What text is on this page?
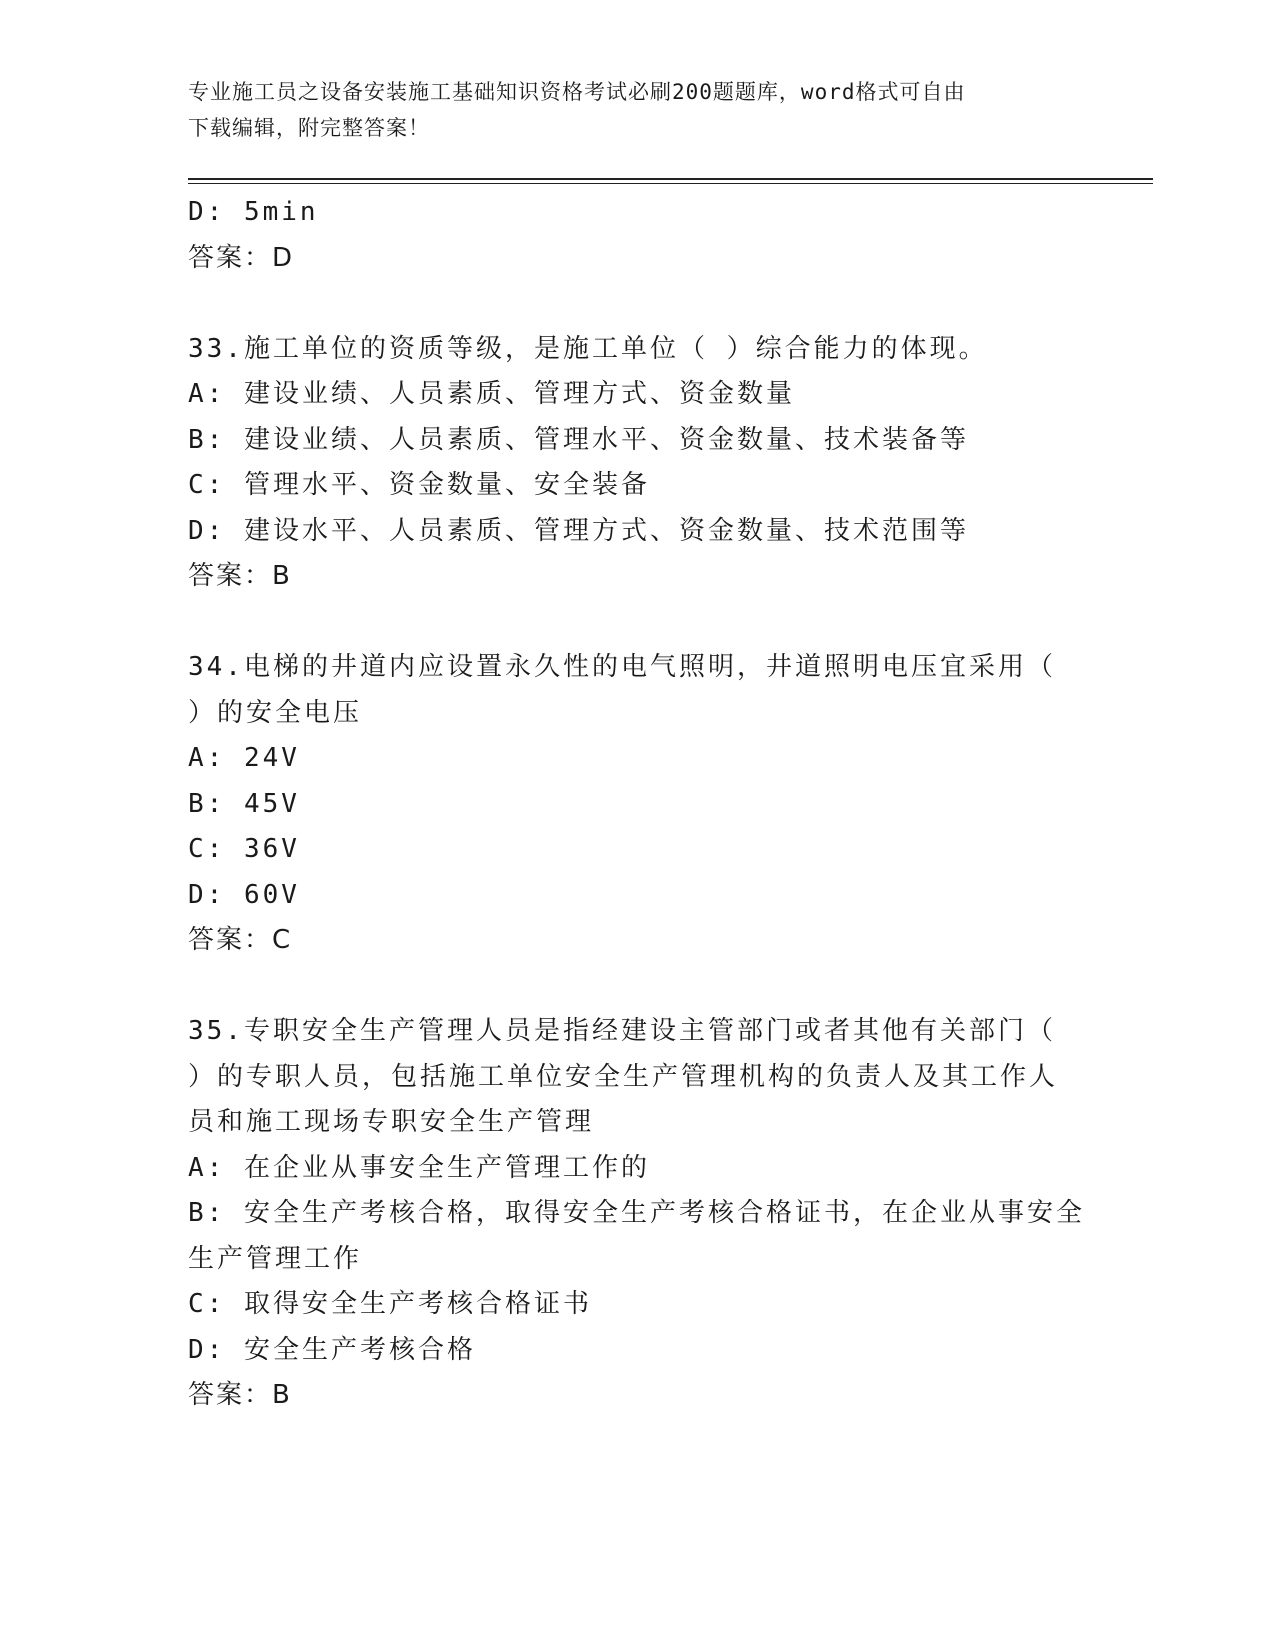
专业施工员之设备安装施工基础知识资格考试必刷200题题库，word格式可自由
下载编辑，附完整答案！
D: 5min
答案：D
33.施工单位的资质等级，是施工单位（ ）综合能力的体现。
A: 建设业绩、人员素质、管理方式、资金数量
B: 建设业绩、人员素质、管理水平、资金数量、技术装备等
C: 管理水平、资金数量、安全装备
D: 建设水平、人员素质、管理方式、资金数量、技术范围等
答案：B
34.电梯的井道内应设置永久性的电气照明，井道照明电压宜采用（
）的安全电压
A: 24V
B: 45V
C: 36V
D: 60V
答案：C
35.专职安全生产管理人员是指经建设主管部门或者其他有关部门（
）的专职人员，包括施工单位安全生产管理机构的负责人及其工作人
员和施工现场专职安全生产管理
A: 在企业从事安全生产管理工作的
B: 安全生产考核合格，取得安全生产考核合格证书，在企业从事安全
生产管理工作
C: 取得安全生产考核合格证书
D: 安全生产考核合格
答案：B
